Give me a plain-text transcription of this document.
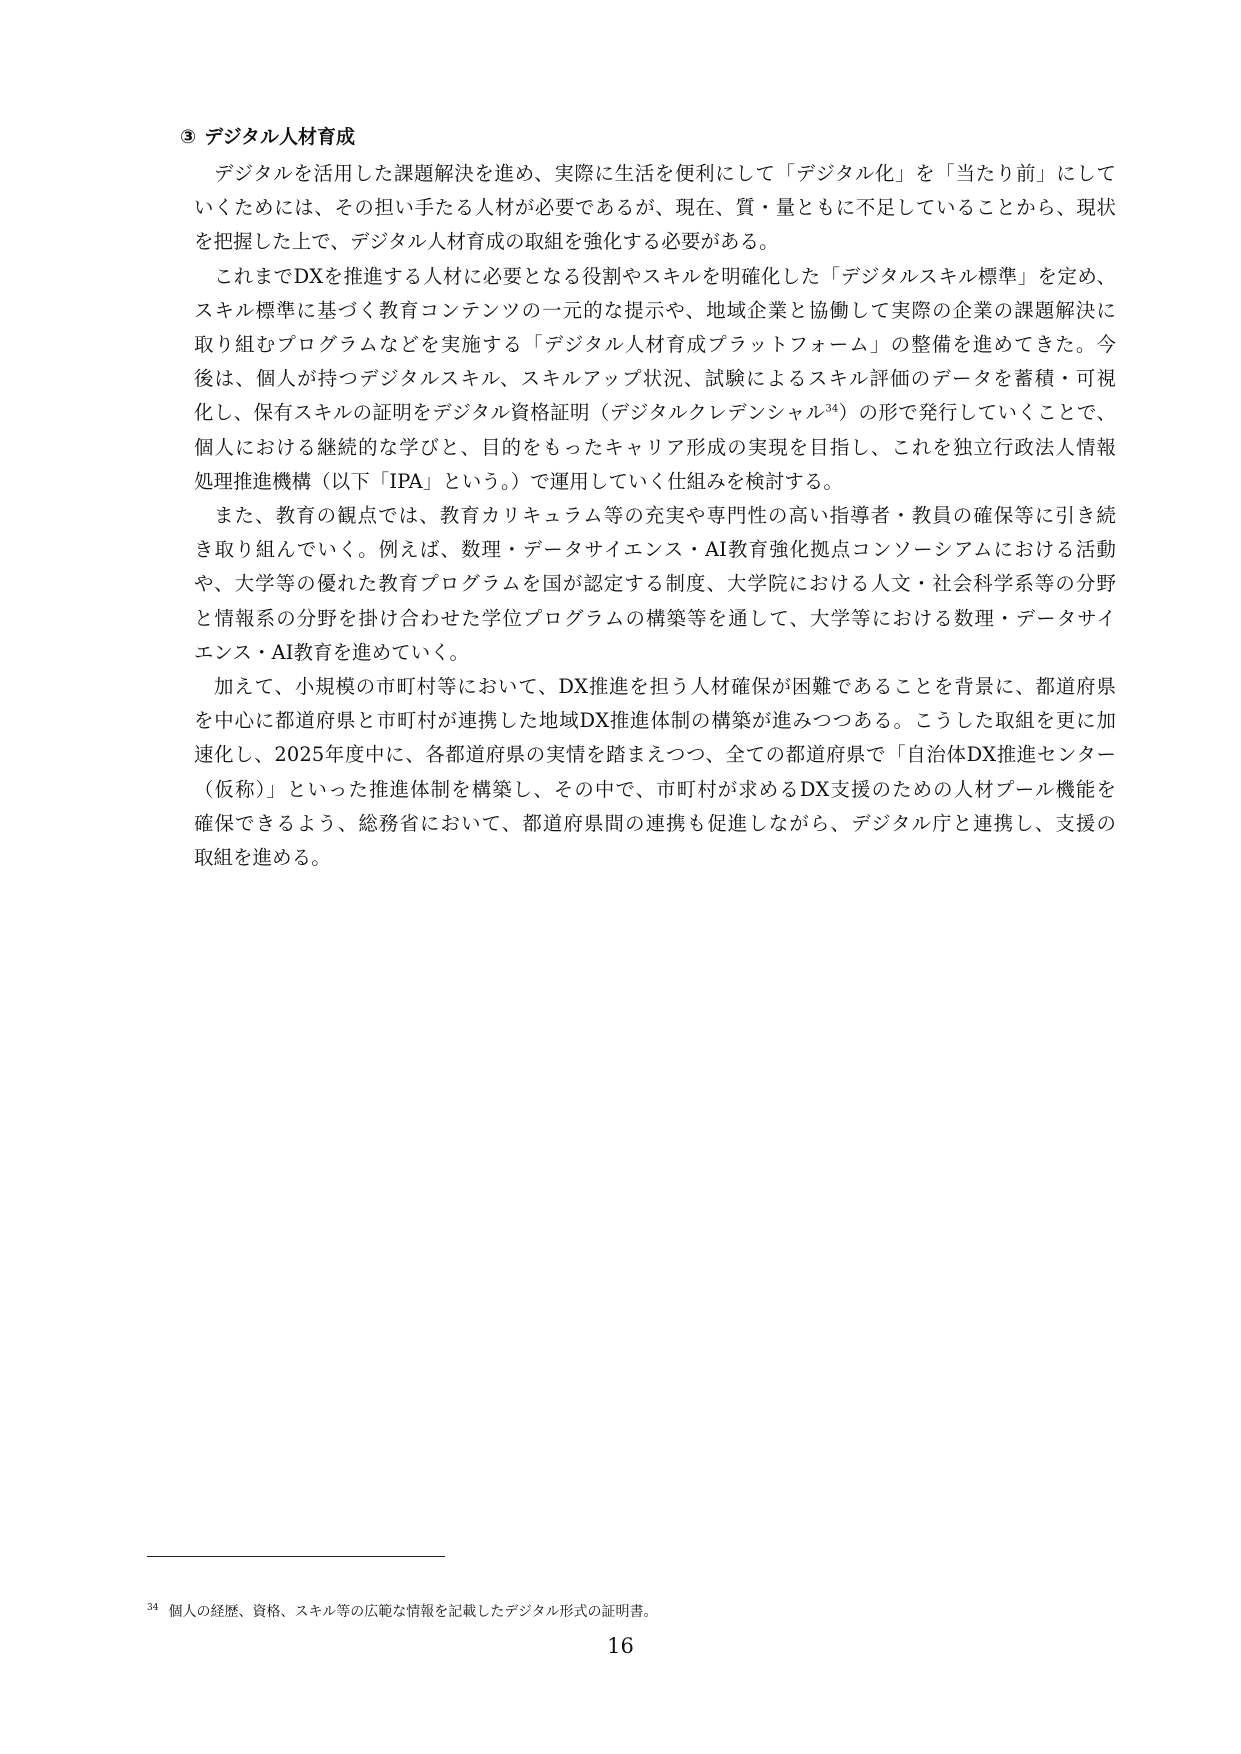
③ デジタル人材育成

デジタルを活用した課題解決を進め、実際に生活を便利にして「デジタル化」を「当たり前」にして
いくためには、その担い手たる人材が必要であるが、現在、質・量ともに不足していることから、現状
を把握した上で、デジタル人材育成の取組を強化する必要がある。

これまでDXを推進する人材に必要となる役割やスキルを明確化した「デジタルスキル標準」を定め、
スキル標準に基づく教育コンテンツの一元的な提示や、地域企業と協働して実際の企業の課題解決に
取り組むプログラムなどを実施する「デジタル人材育成プラットフォーム」の整備を進めてきた。今
後は、個人が持つデジタルスキル、スキルアップ状況、試験によるスキル評価のデータを蓄積・可視
化し、保有スキルの証明をデジタル資格証明（デジタルクレデンシャル$^{34}$）の形で発行していくことで、
個人における継続的な学びと、目的をもったキャリア形成の実現を目指し、これを独立行政法人情報
処理推進機構（以下「IPA」という。）で運用していく仕組みを検討する。

また、教育の観点では、教育カリキュラム等の充実や専門性の高い指導者・教員の確保等に引き続
き取り組んでいく。例えば、数理・データサイエンス・AI教育強化拠点コンソーシアムにおける活動
や、大学等の優れた教育プログラムを国が認定する制度、大学院における人文・社会科学系等の分野
と情報系の分野を掛け合わせた学位プログラムの構築等を通して、大学等における数理・データサイ
エンス・AI教育を進めていく。

加えて、小規模の市町村等において、DX推進を担う人材確保が困難であることを背景に、都道府県
を中心に都道府県と市町村が連携した地域DX推進体制の構築が進みつつある。こうした取組を更に加
速化し、2025年度中に、各都道府県の実情を踏まえつつ、全ての都道府県で「自治体DX推進センター
（仮称）」といった推進体制を構築し、その中で、市町村が求めるDX支援のための人材プール機能を
確保できるよう、総務省において、都道府県間の連携も促進しながら、デジタル庁と連携し、支援の
取組を進める。

$^{34}$ 個人の経歴、資格、スキル等の広範な情報を記載したデジタル形式の証明書。

16
